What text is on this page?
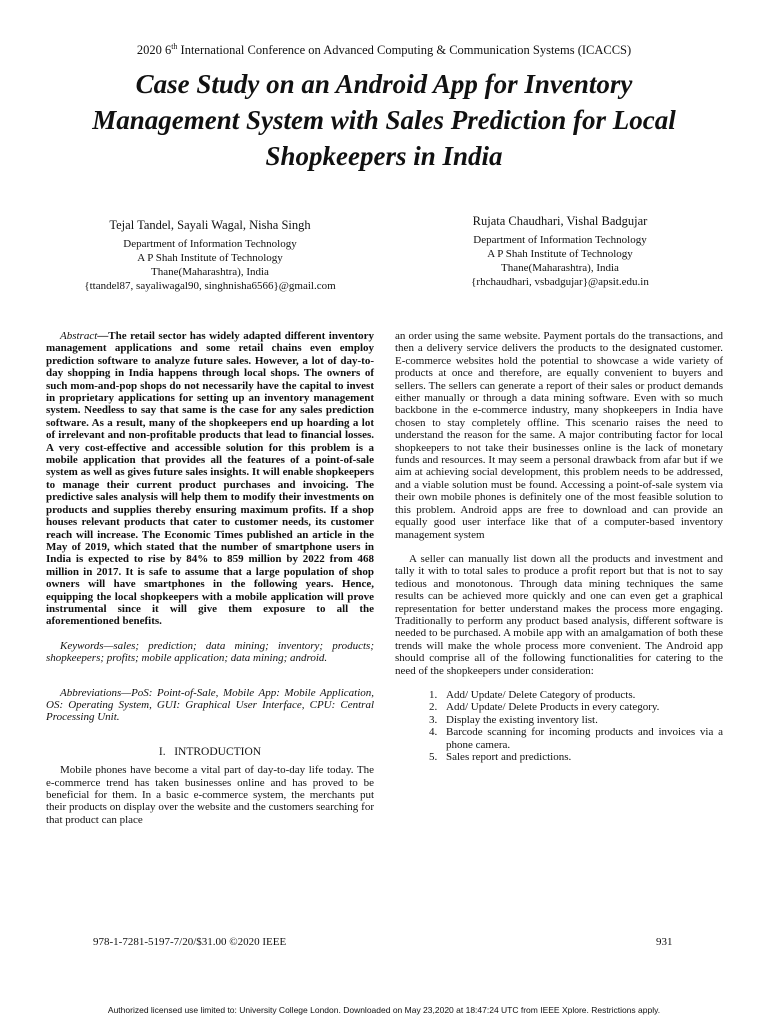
2020 6th International Conference on Advanced Computing & Communication Systems (ICACCS)
Case Study on an Android App for Inventory Management System with Sales Prediction for Local Shopkeepers in India
Tejal Tandel, Sayali Wagal, Nisha Singh
Department of Information Technology
A P Shah Institute of Technology
Thane(Maharashtra), India
{ttandel87, sayaliwagal90, singhnisha6566}@gmail.com
Rujata Chaudhari, Vishal Badgujar
Department of Information Technology
A P Shah Institute of Technology
Thane(Maharashtra), India
{rhchaudhari, vsbadgujar}@apsit.edu.in

Abstract—The retail sector has widely adapted different inventory management applications and some retail chains even employ prediction software to analyze future sales. However, a lot of day-to-day shopping in India happens through local shops. The owners of such mom-and-pop shops do not necessarily have the capital to invest in proprietary applications for setting up an inventory management system. Needless to say that same is the case for any sales prediction software. As a result, many of the shopkeepers end up hoarding a lot of irrelevant and non-profitable products that lead to financial losses. A very cost-effective and accessible solution for this problem is a mobile application that provides all the features of a point-of-sale system as well as gives future sales insights. It will enable shopkeepers to manage their current product purchases and invoicing. The predictive sales analysis will help them to modify their investments on products and supplies thereby ensuring maximum profits. If a shop houses relevant products that cater to customer needs, its customer reach will increase. The Economic Times published an article in the May of 2019, which stated that the number of smartphone users in India is expected to rise by 84% to 859 million by 2022 from 468 million in 2017. It is safe to assume that a large population of shop owners will have smartphones in the following years. Hence, equipping the local shopkeepers with a mobile application will prove instrumental since it will give them exposure to all the aforementioned benefits.

Keywords—sales; prediction; data mining; inventory; products; shopkeepers; profits; mobile application; data mining; android.

Abbreviations—PoS: Point-of-Sale, Mobile App: Mobile Application, OS: Operating System, GUI: Graphical User Interface, CPU: Central Processing Unit.

I. INTRODUCTION

Mobile phones have become a vital part of day-to-day life today. The e-commerce trend has taken businesses online and has proved to be beneficial for them. In a basic e-commerce system, the merchants put their products on display over the website and the customers searching for that product can place

an order using the same website. Payment portals do the transactions, and then a delivery service delivers the products to the designated customer. E-commerce websites hold the potential to showcase a wide variety of products at once and therefore, are equally convenient to buyers and sellers. The sellers can generate a report of their sales or product demands either manually or through a data mining software. Even with so much backbone in the e-commerce industry, many shopkeepers in India have chosen to stay completely offline. This scenario raises the need to understand the reason for the same. A major contributing factor for local shopkeepers to not take their businesses online is the lack of monetary funds and resources. It may seem a personal drawback from afar but if we aim at achieving social development, this problem needs to be addressed, and a viable solution must be found. Accessing a point-of-sale system via their own mobile phones is definitely one of the most feasible solution to this problem. Android apps are free to download and can provide an equally good user interface like that of a computer-based inventory management system

A seller can manually list down all the products and investment and tally it with to total sales to produce a profit report but that is not to say tedious and monotonous. Through data mining techniques the same results can be achieved more quickly and one can even get a graphical representation for better understand makes the process more engaging. Traditionally to perform any product based analysis, different software is needed to be purchased. A mobile app with an amalgamation of both these trends will make the whole process more convenient. The Android app should comprise all of the following functionalities for catering to the need of the shopkeepers under consideration:

1. Add/ Update/ Delete Category of products.
2. Add/ Update/ Delete Products in every category.
3. Display the existing inventory list.
4. Barcode scanning for incoming products and invoices via a phone camera.
5. Sales report and predictions.
978-1-7281-5197-7/20/$31.00 ©2020 IEEE	931
Authorized licensed use limited to: University College London. Downloaded on May 23,2020 at 18:47:24 UTC from IEEE Xplore. Restrictions apply.
